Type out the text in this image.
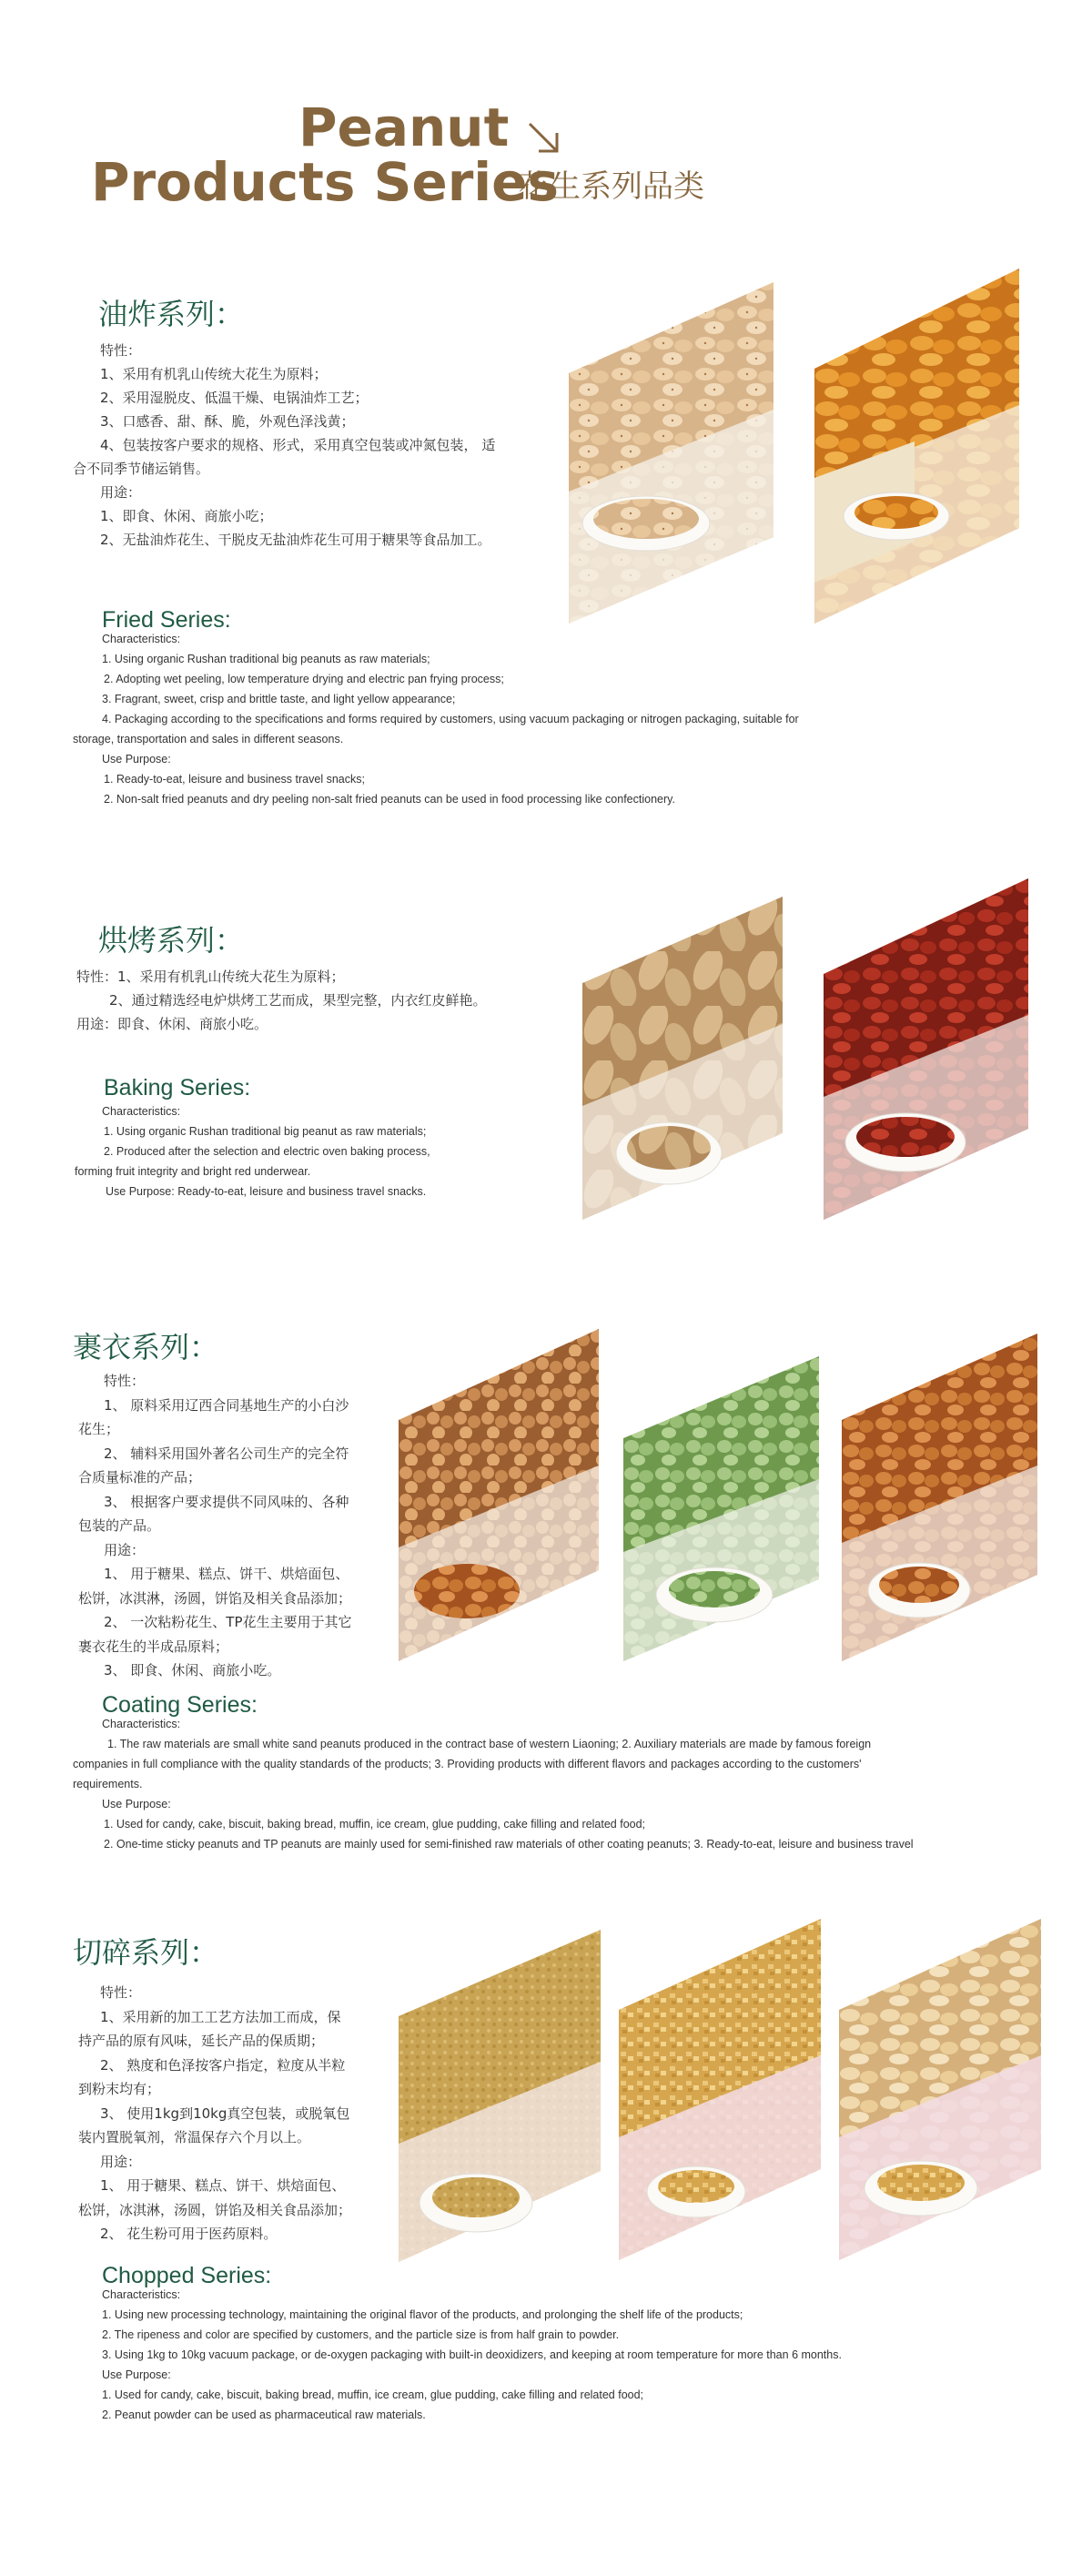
Peanut
Products Series
花生系列品类
油炸系列：
特性：
1、采用有机乳山传统大花生为原料；
2、采用湿脱皮、低温干燥、电锅油炸工艺；
3、口感香、甜、酥、脆，外观色泽浅黄；
4、包装按客户要求的规格、形式，采用真空包装或冲氮包装， 适
合不同季节储运销售。
用途：
1、即食、休闲、商旅小吃；
2、无盐油炸花生、干脱皮无盐油炸花生可用于糖果等食品加工。
Fried Series:
Characteristics:
1. Using organic Rushan traditional big peanuts as raw materials;
2. Adopting wet peeling, low temperature drying and electric pan frying process;
3. Fragrant, sweet, crisp and brittle taste, and light yellow appearance;
4. Packaging according to the specifications and forms required by customers, using vacuum packaging or nitrogen packaging, suitable for
storage, transportation and sales in different seasons.
Use Purpose:
1. Ready-to-eat, leisure and business travel snacks;
2. Non-salt fried peanuts and dry peeling non-salt fried peanuts can be used in food processing like confectionery.
烘烤系列：
特性：1、采用有机乳山传统大花生为原料；
2、通过精选经电炉烘烤工艺而成，果型完整，内衣红皮鲜艳。
用途：即食、休闲、商旅小吃。
Baking Series:
Characteristics:
1. Using organic Rushan traditional big peanut as raw materials;
2. Produced after the selection and electric oven baking process,
forming fruit integrity and bright red underwear.
Use Purpose: Ready-to-eat, leisure and business travel snacks.
裹衣系列：
特性：
1、 原料采用辽西合同基地生产的小白沙
花生；
2、 辅料采用国外著名公司生产的完全符
合质量标准的产品；
3、 根据客户要求提供不同风味的、各种
包装的产品。
用途：
1、 用于糖果、糕点、饼干、烘焙面包、
松饼，冰淇淋，汤圆，饼馅及相关食品添加；
2、 一次粘粉花生、TP花生主要用于其它
裹衣花生的半成品原料；
3、 即食、休闲、商旅小吃。
Coating Series:
Characteristics:
1. The raw materials are small white sand peanuts produced in the contract base of western Liaoning; 2. Auxiliary materials are made by famous foreign
companies in full compliance with the quality standards of the products; 3. Providing products with different flavors and packages according to the customers'
requirements.
Use Purpose:
1. Used for candy, cake, biscuit, baking bread, muffin, ice cream, glue pudding, cake filling and related food;
2. One-time sticky peanuts and TP peanuts are mainly used for semi-finished raw materials of other coating peanuts; 3. Ready-to-eat, leisure and business travel
切碎系列：
特性：
1、采用新的加工工艺方法加工而成，保
持产品的原有风味，延长产品的保质期；
2、 熟度和色泽按客户指定，粒度从半粒
到粉末均有；
3、 使用1kg到10kg真空包装，或脱氧包
装内置脱氧剂，常温保存六个月以上。
用途：
1、 用于糖果、糕点、饼干、烘焙面包、
松饼，冰淇淋，汤圆，饼馅及相关食品添加；
2、 花生粉可用于医药原料。
Chopped Series:
Characteristics:
1. Using new processing technology, maintaining the original flavor of the products, and prolonging the shelf life of the products;
2. The ripeness and color are specified by customers, and the particle size is from half grain to powder.
3. Using 1kg to 10kg vacuum package, or de-oxygen packaging with built-in deoxidizers, and keeping at room temperature for more than 6 months.
Use Purpose:
1. Used for candy, cake, biscuit, baking bread, muffin, ice cream, glue pudding, cake filling and related food;
2. Peanut powder can be used as pharmaceutical raw materials.
